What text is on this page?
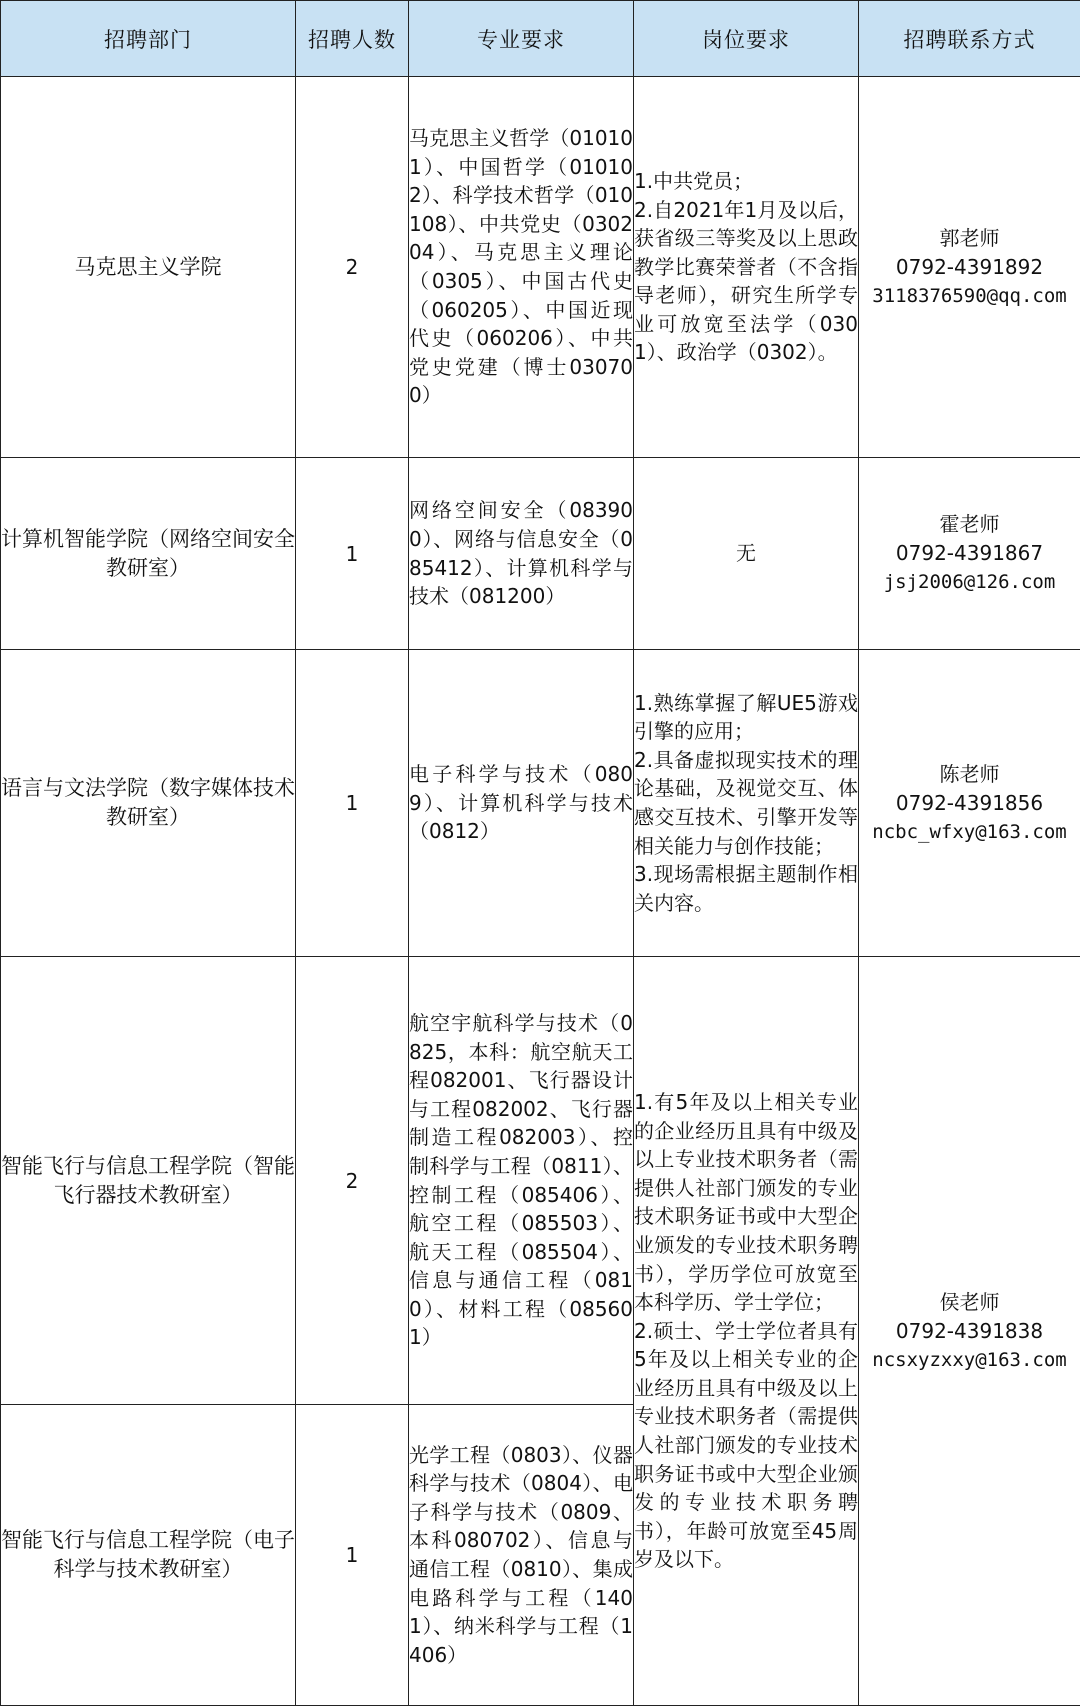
招聘部门	招聘人数	专业要求	岗位要求	招聘联系方式
马克思主义学院	2	马克思主义哲学（010101）、中国哲学（010102）、科学技术哲学（010108）、中共党史（030204）、马克思主义理论（0305）、中国古代史（060205）、中国近现代史（060206）、中共党史党建（博士030700）	1.中共党员；
2.自2021年1月及以后，获省级三等奖及以上思政教学比赛荣誉者（不含指导老师），研究生所学专业可放宽至法学（0301）、政治学（0302）。	郭老师
0792-4391892
3118376590@qq.com

计算机智能学院（网络空间安全教研室）	1	网络空间安全（083900）、网络与信息安全（085412）、计算机科学与技术（081200）	无	霍老师
0792-4391867
jsj2006@126.com

语言与文法学院（数字媒体技术教研室）	1	电子科学与技术（0809）、计算机科学与技术（0812）	1.熟练掌握了解UE5游戏引擎的应用；
2.具备虚拟现实技术的理论基础，及视觉交互、体感交互技术、引擎开发等相关能力与创作技能；
3.现场需根据主题制作相关内容。	陈老师
0792-4391856
ncbc_wfxy@163.com

智能飞行与信息工程学院（智能飞行器技术教研室）	2	航空宇航科学与技术（0825，本科：航空航天工程082001、飞行器设计与工程082002、飞行器制造工程082003）、控制科学与工程（0811）、控制工程（085406）、航空工程（085503）、航天工程（085504）、信息与通信工程（0810）、材料工程（085601）	1.有5年及以上相关专业的企业经历且具有中级及以上专业技术职务者（需提供人社部门颁发的专业技术职务证书或中大型企业颁发的专业技术职务聘书），学历学位可放宽至本科学历、学士学位；
2.硕士、学士学位者具有5年及以上相关专业的企业经历且具有中级及以上专业技术职务者（需提供人社部门颁发的专业技术职务证书或中大型企业颁发的专业技术职务聘书），年龄可放宽至45周岁及以下。	侯老师
0792-4391838
ncsxyzxxy@163.com

智能飞行与信息工程学院（电子科学与技术教研室）	1	光学工程（0803）、仪器科学与技术（0804）、电子科学与技术（0809、本科080702）、信息与通信工程（0810）、集成电路科学与工程（1401）、纳米科学与工程（1406）		
